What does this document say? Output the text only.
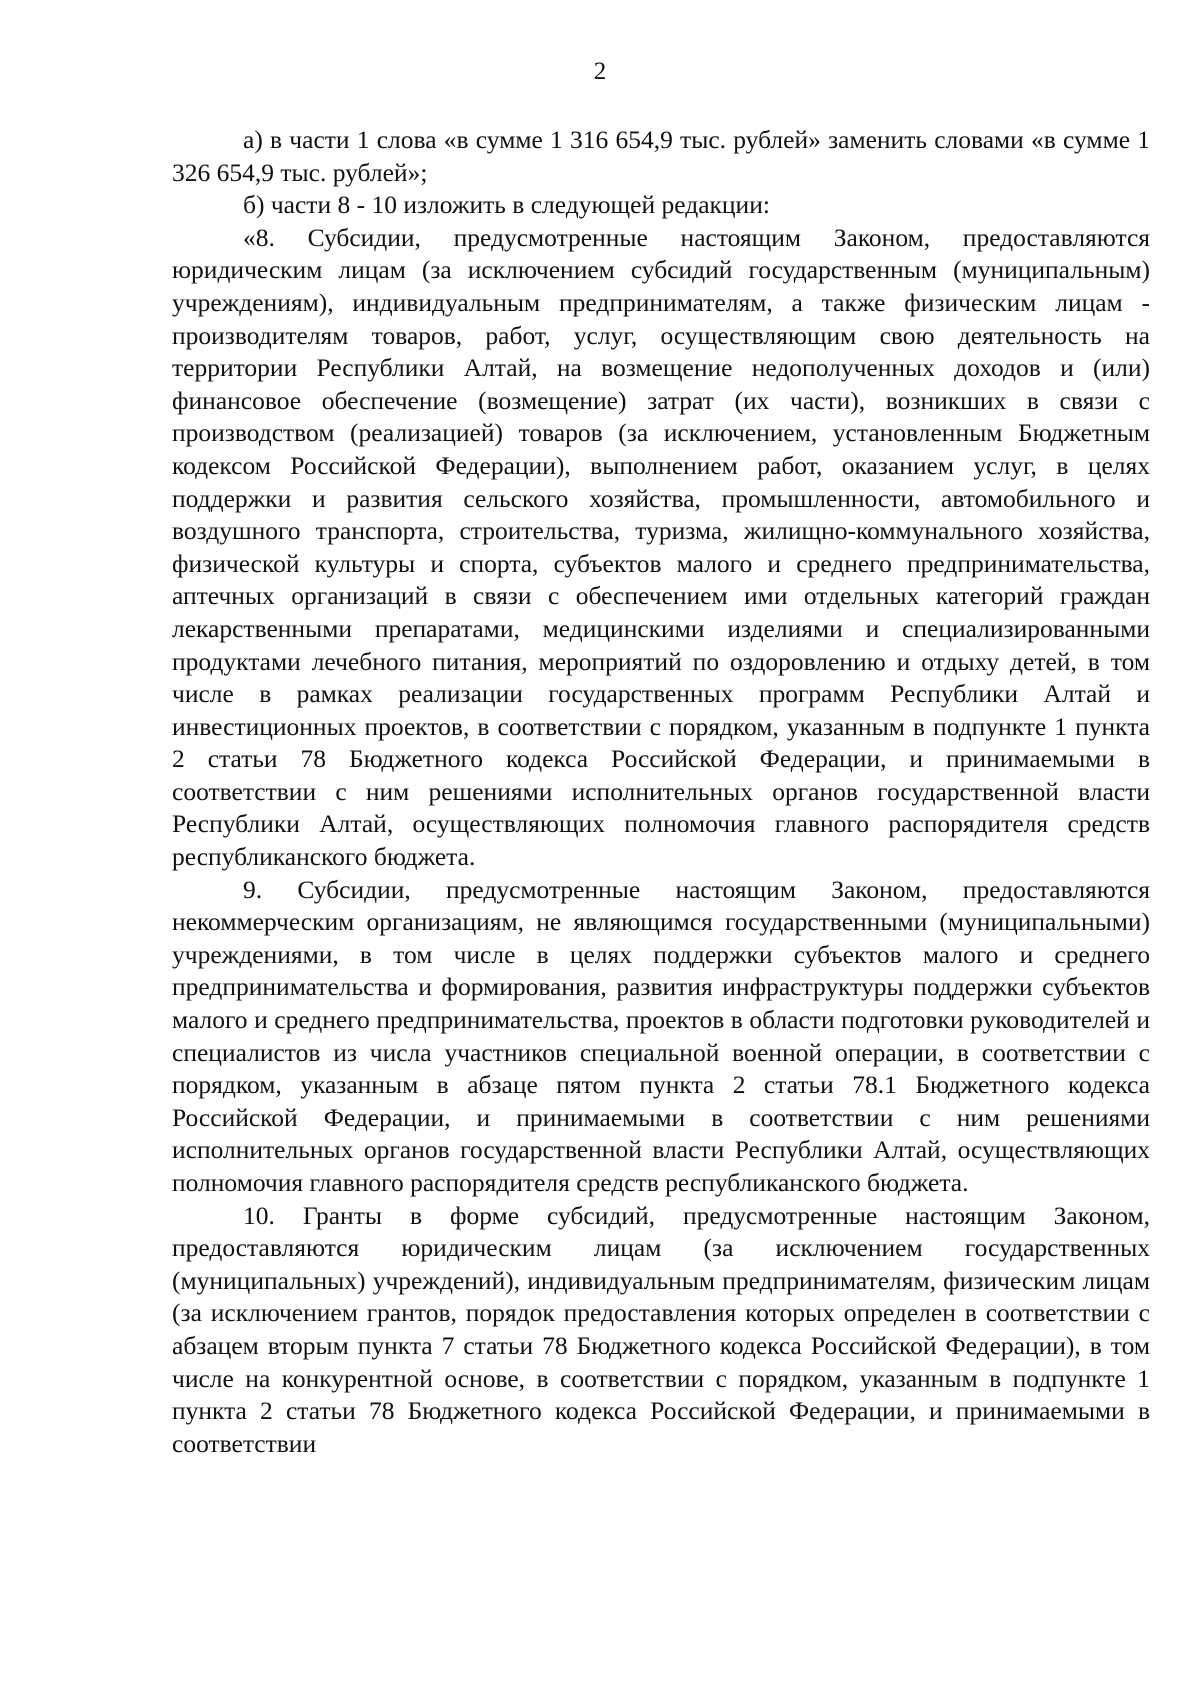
2

а) в части 1 слова «в сумме 1 316 654,9 тыс. рублей» заменить словами «в сумме 1 326 654,9 тыс. рублей»;

б) части 8 - 10 изложить в следующей редакции:

«8. Субсидии, предусмотренные настоящим Законом, предоставляются юридическим лицам (за исключением субсидий государственным (муниципальным) учреждениям), индивидуальным предпринимателям, а также физическим лицам - производителям товаров, работ, услуг, осуществляющим свою деятельность на территории Республики Алтай, на возмещение недополученных доходов и (или) финансовое обеспечение (возмещение) затрат (их части), возникших в связи с производством (реализацией) товаров (за исключением, установленным Бюджетным кодексом Российской Федерации), выполнением работ, оказанием услуг, в целях поддержки и развития сельского хозяйства, промышленности, автомобильного и воздушного транспорта, строительства, туризма, жилищно-коммунального хозяйства, физической культуры и спорта, субъектов малого и среднего предпринимательства, аптечных организаций в связи с обеспечением ими отдельных категорий граждан лекарственными препаратами, медицинскими изделиями и специализированными продуктами лечебного питания, мероприятий по оздоровлению и отдыху детей, в том числе в рамках реализации государственных программ Республики Алтай и инвестиционных проектов, в соответствии с порядком, указанным в подпункте 1 пункта 2 статьи 78 Бюджетного кодекса Российской Федерации, и принимаемыми в соответствии с ним решениями исполнительных органов государственной власти Республики Алтай, осуществляющих полномочия главного распорядителя средств республиканского бюджета.

9. Субсидии, предусмотренные настоящим Законом, предоставляются некоммерческим организациям, не являющимся государственными (муниципальными) учреждениями, в том числе в целях поддержки субъектов малого и среднего предпринимательства и формирования, развития инфраструктуры поддержки субъектов малого и среднего предпринимательства, проектов в области подготовки руководителей и специалистов из числа участников специальной военной операции, в соответствии с порядком, указанным в абзаце пятом пункта 2 статьи 78.1 Бюджетного кодекса Российской Федерации, и принимаемыми в соответствии с ним решениями исполнительных органов государственной власти Республики Алтай, осуществляющих полномочия главного распорядителя средств республиканского бюджета.

10. Гранты в форме субсидий, предусмотренные настоящим Законом, предоставляются юридическим лицам (за исключением государственных (муниципальных) учреждений), индивидуальным предпринимателям, физическим лицам (за исключением грантов, порядок предоставления которых определен в соответствии с абзацем вторым пункта 7 статьи 78 Бюджетного кодекса Российской Федерации), в том числе на конкурентной основе, в соответствии с порядком, указанным в подпункте 1 пункта 2 статьи 78 Бюджетного кодекса Российской Федерации, и принимаемыми в соответствии
